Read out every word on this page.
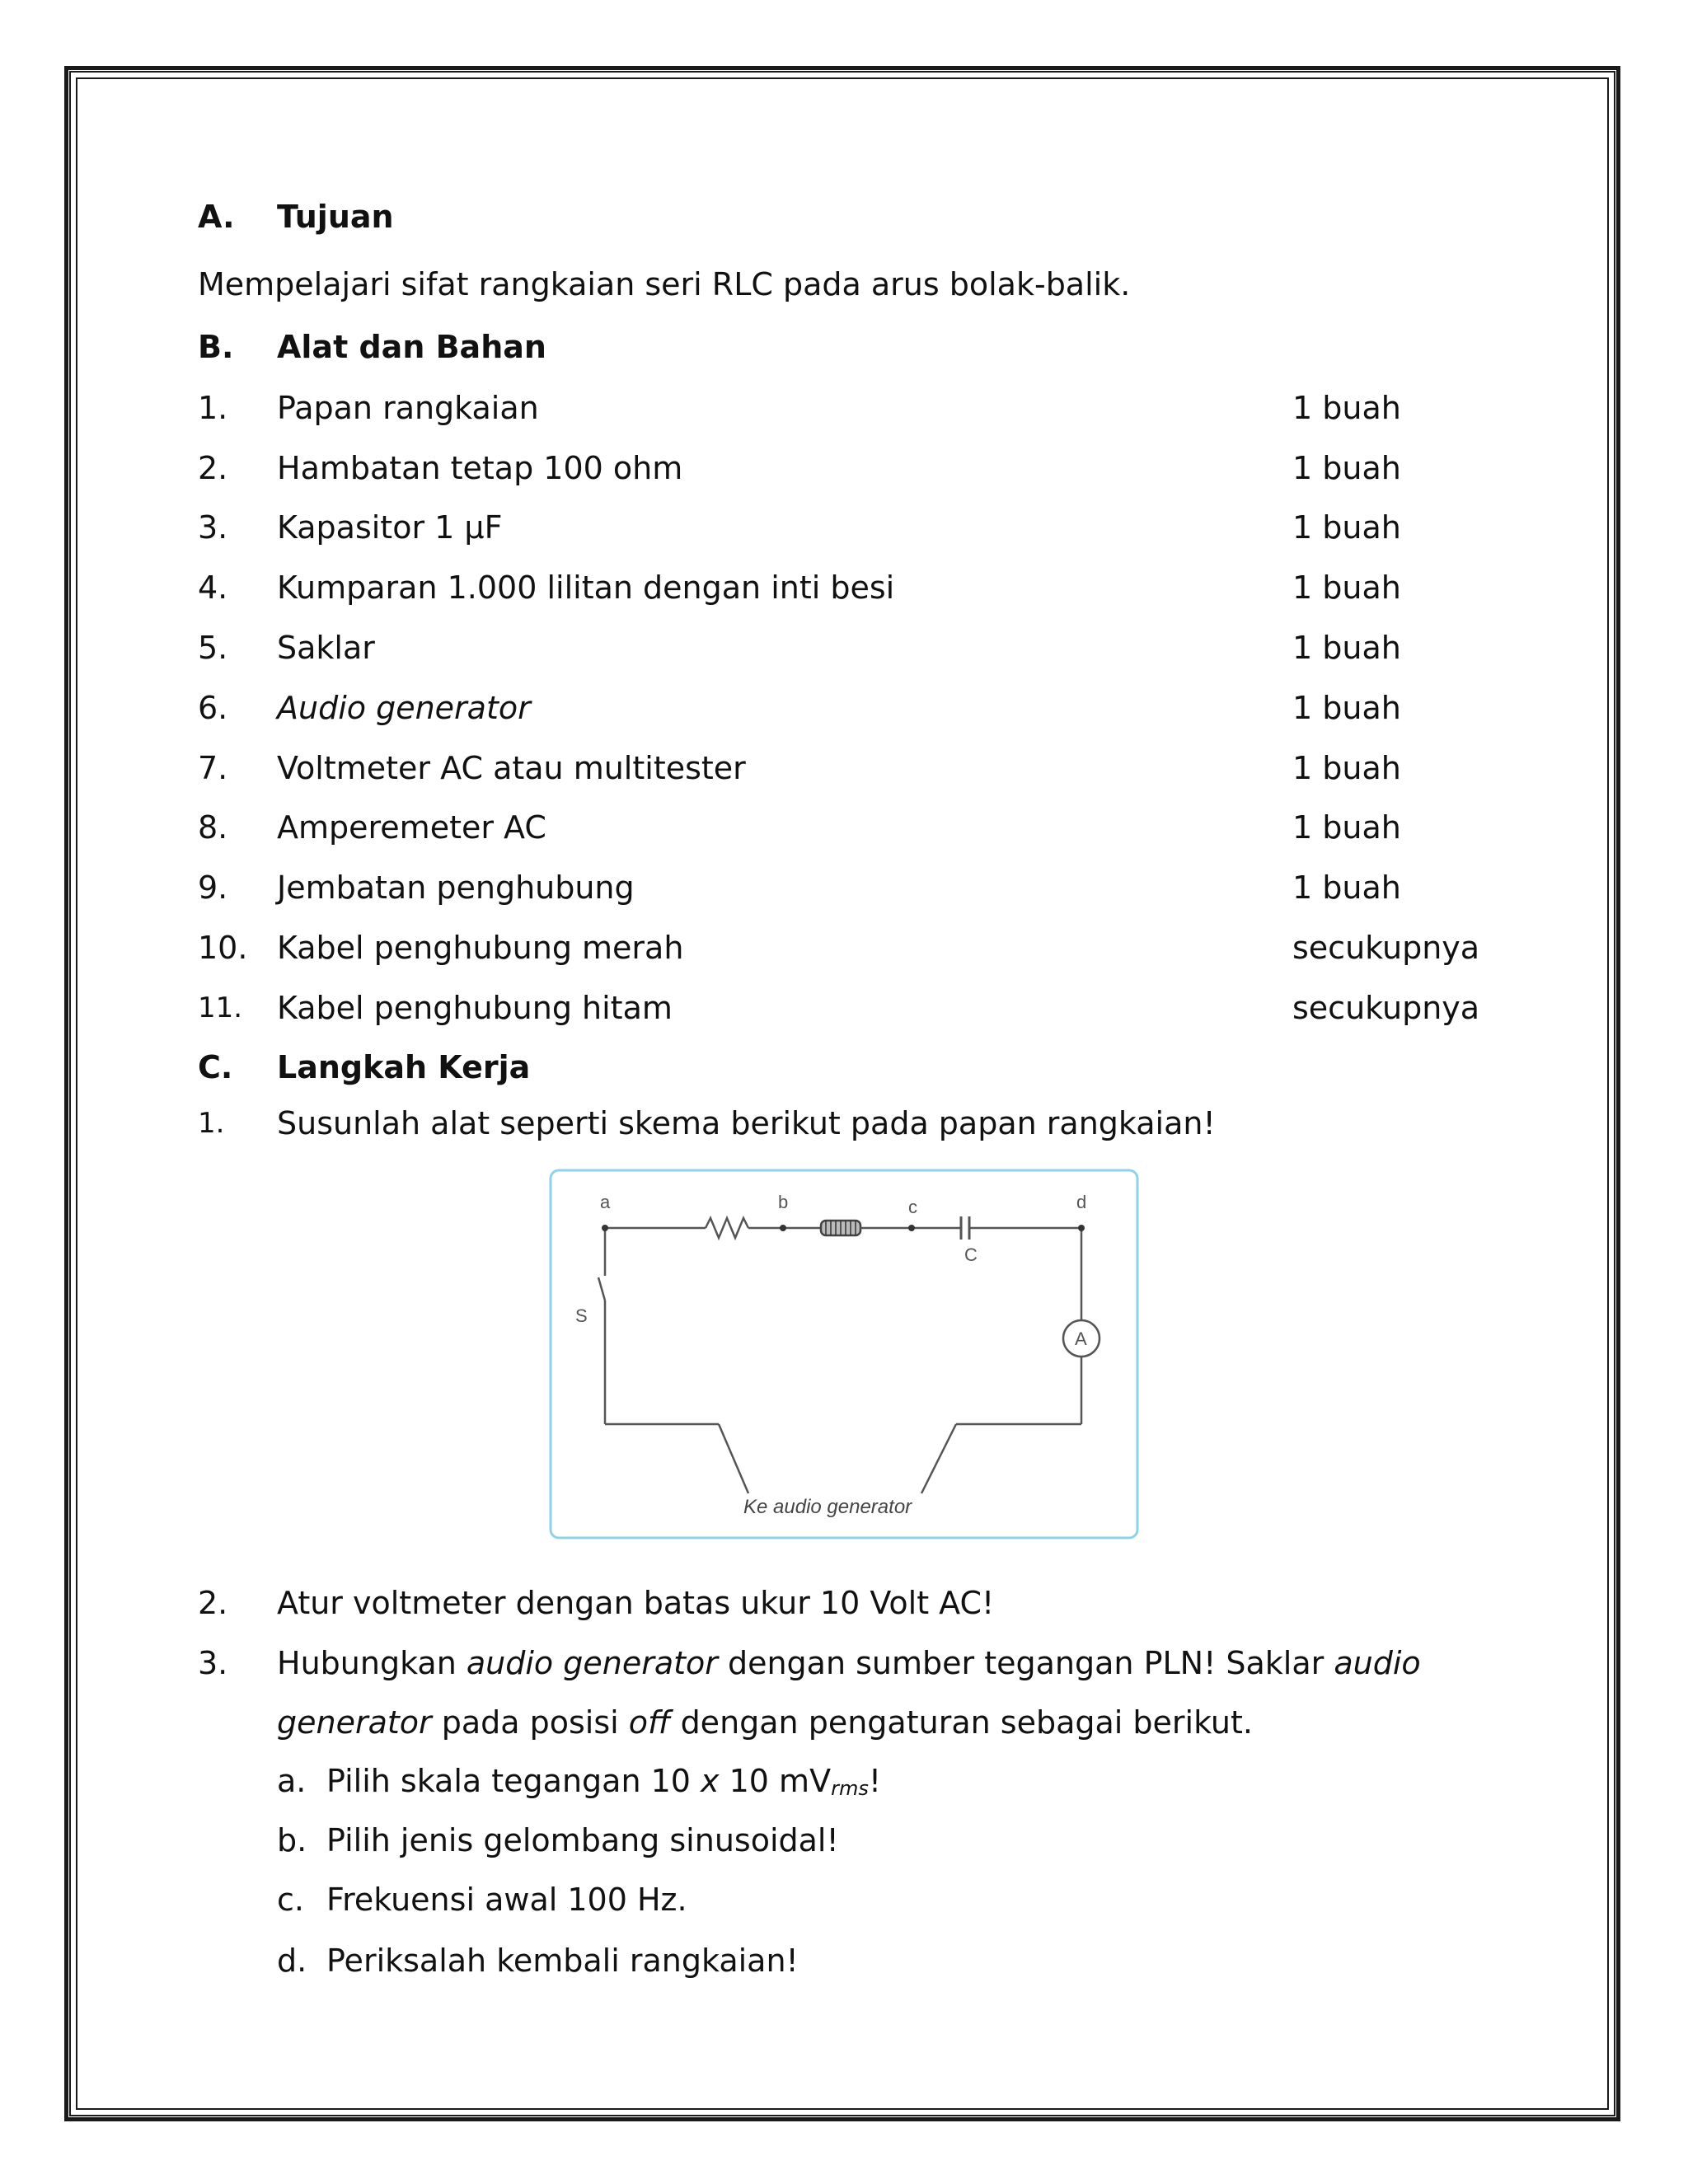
A. Tujuan
Mempelajari sifat rangkaian seri RLC pada arus bolak-balik.
B. Alat dan Bahan
1. Papan rangkaian	1 buah
2. Hambatan tetap 100 ohm	1 buah
3. Kapasitor 1 μF	1 buah
4. Kumparan 1.000 lilitan dengan inti besi	1 buah
5. Saklar	1 buah
6. Audio generator	1 buah
7. Voltmeter AC atau multitester	1 buah
8. Amperemeter AC	1 buah
9. Jembatan penghubung	1 buah
10. Kabel penghubung merah	secukupnya
11. Kabel penghubung hitam	secukupnya
C. Langkah Kerja
1. Susunlah alat seperti skema berikut pada papan rangkaian!
a	b	c	d
C
S
A
Ke audio generator
2. Atur voltmeter dengan batas ukur 10 Volt AC!
3. Hubungkan audio generator dengan sumber tegangan PLN! Saklar audio
generator pada posisi off dengan pengaturan sebagai berikut.
a. Pilih skala tegangan 10 x 10 $mV_{rms}$!
b. Pilih jenis gelombang sinusoidal!
c. Frekuensi awal 100 Hz.
d. Periksalah kembali rangkaian!
